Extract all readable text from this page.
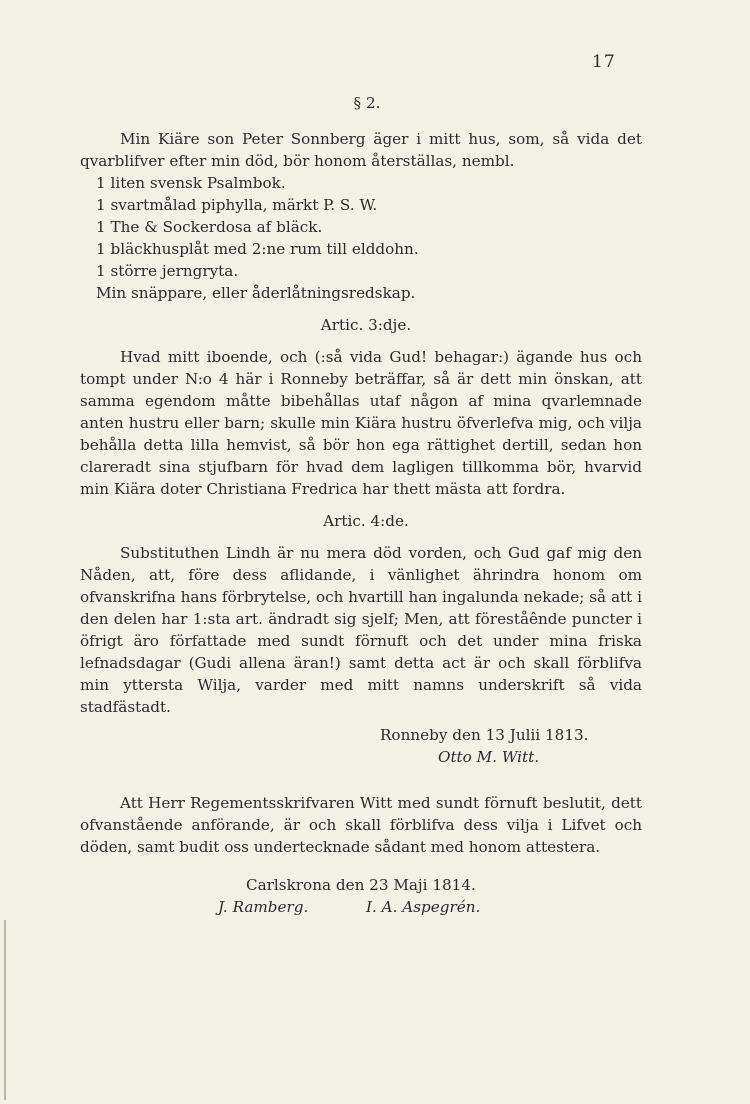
17
§ 2.

Min Kiäre son Peter Sonnberg äger i mitt hus, som, så vida det qvarblifver efter min död, bör honom återställas, nembl.

1 liten svensk Psalmbok.

1 svartmålad piphylla, märkt P. S. W.

1 The & Sockerdosa af bläck.

1 bläckhusplåt med 2:ne rum till elddohn.

1 större jerngryta.

Min snäppare, eller åderlåtningsredskap.

Artic. 3:dje.

Hvad mitt iboende, och (:så vida Gud! behagar:) ägande hus och tompt under N:o 4 här i Ronneby beträffar, så är dett min önskan, att samma egendom måtte bibehållas utaf någon af mina qvarlemnade anten hustru eller barn; skulle min Kiära hustru öfverlefva mig, och vilja behålla detta lilla hemvist, så bör hon ega rättighet dertill, sedan hon clareradt sina stjufbarn för hvad dem lagligen tillkomma bör, hvarvid min Kiära doter Christiana Fredrica har thett mästa att fordra.

Artic. 4:de.

Substituthen Lindh är nu mera död vorden, och Gud gaf mig den Nåden, att, före dess aflidande, i vänlighet ährindra honom om ofvanskrifna hans förbrytelse, och hvartill han ingalunda nekade; så att i den delen har 1:sta art. ändradt sig sjelf; Men, att föreståênde puncter i öfrigt äro författade med sundt förnuft och det under mina friska lefnadsdagar (Gudi allena äran!) samt detta act är och skall förblifva min yttersta Wilja, varder med mitt namns underskrift så vida stadfästadt.

Ronneby den 13 Julii 1813.

Otto M. Witt.

Att Herr Regementsskrifvaren Witt med sundt förnuft beslutit, dett ofvanstående anförande, är och skall förblifva dess vilja i Lifvet och döden, samt budit oss undertecknade sådant med honom attestera.

Carlskrona den 23 Maji 1814.

J. Ramberg.	I. A. Aspegrén.
